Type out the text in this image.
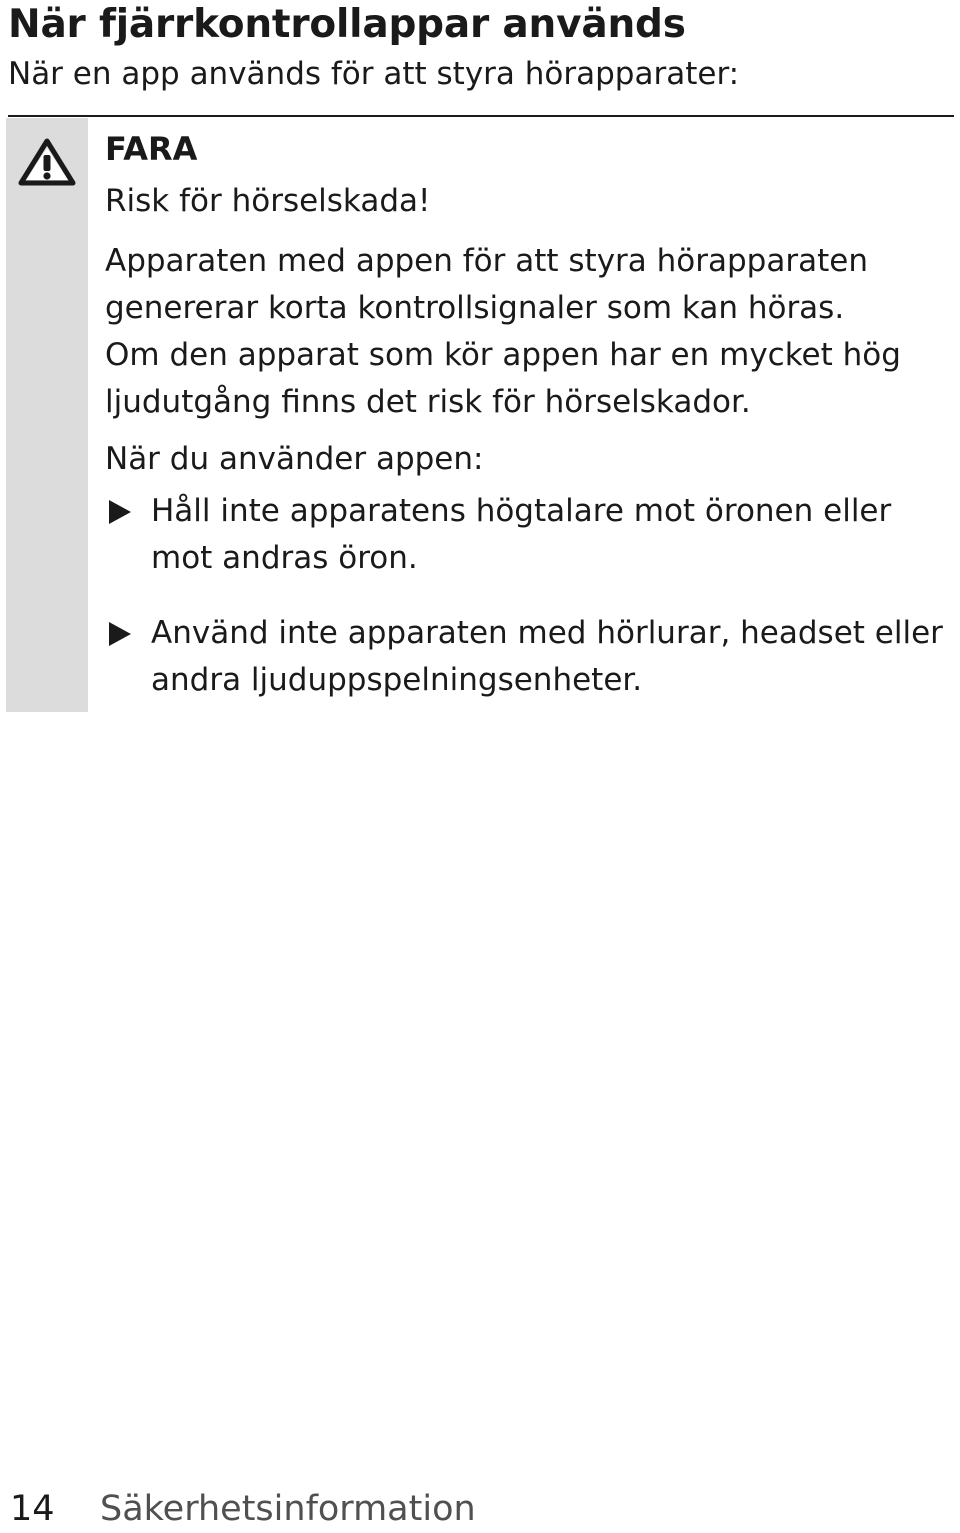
När fjärrkontrollappar används
När en app används för att styra hörapparater:
FARA
Risk för hörselskada!

Apparaten med appen för att styra hörapparaten genererar korta kontrollsignaler som kan höras.

Om den apparat som kör appen har en mycket hög ljudutgång finns det risk för hörselskador.

När du använder appen:
Håll inte apparatens högtalare mot öronen eller mot andras öron.
Använd inte apparaten med hörlurar, headset eller andra ljuduppspelningsenheter.
14 Säkerhetsinformation
